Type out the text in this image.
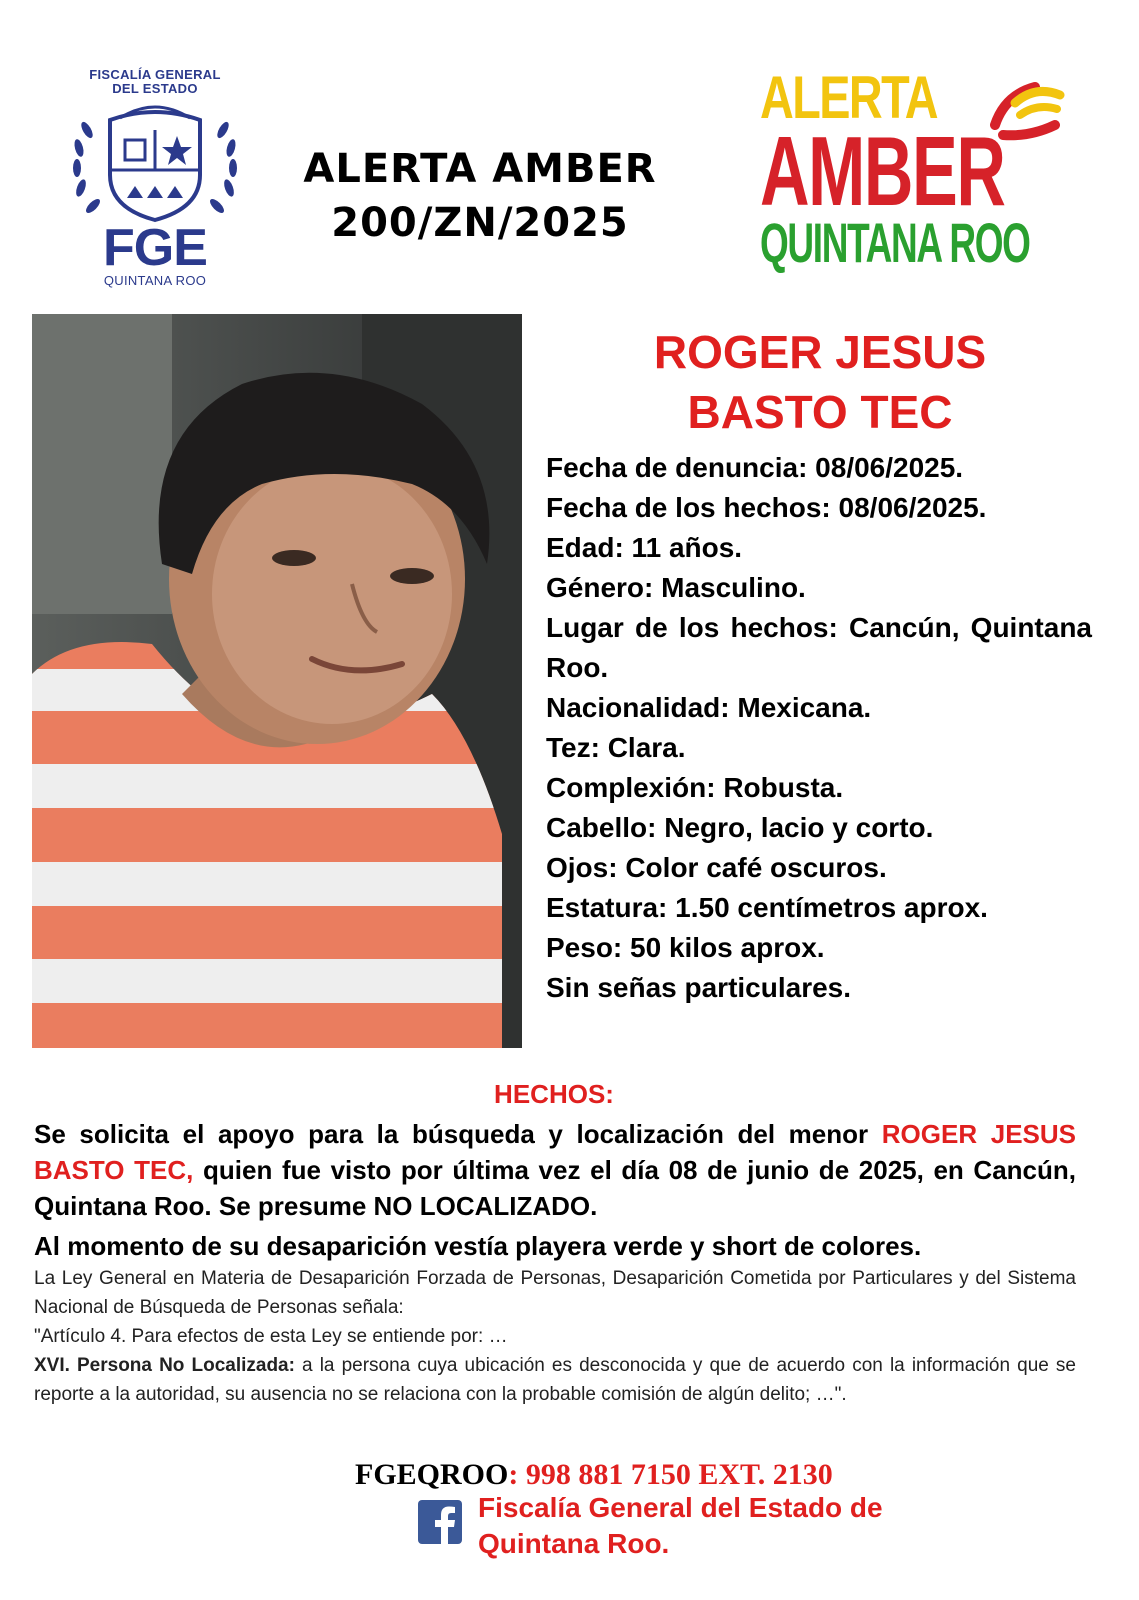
FISCALÍA GENERAL
DEL ESTADO
FGE
QUINTANA ROO
ALERTA AMBER
200/ZN/2025
ALERTA
AMBER
QUINTANA ROO
ROGER JESUS
BASTO TEC
Fecha de denuncia: 08/06/2025.
Fecha de los hechos: 08/06/2025.
Edad: 11 años.
Género: Masculino.
Lugar de los hechos: Cancún, Quintana Roo.
Nacionalidad: Mexicana.
Tez: Clara.
Complexión: Robusta.
Cabello: Negro, lacio y corto.
Ojos: Color café oscuros.
Estatura: 1.50 centímetros aprox.
Peso: 50 kilos aprox.
Sin señas particulares.
HECHOS:
Se solicita el apoyo para la búsqueda y localización del menor ROGER JESUS BASTO TEC, quien fue visto por última vez el día 08 de junio de 2025, en Cancún, Quintana Roo. Se presume NO LOCALIZADO.
Al momento de su desaparición vestía playera verde y short de colores.

La Ley General en Materia de Desaparición Forzada de Personas, Desaparición Cometida por Particulares y del Sistema Nacional de Búsqueda de Personas señala:

"Artículo 4. Para efectos de esta Ley se entiende por: …

XVI. Persona No Localizada: a la persona cuya ubicación es desconocida y que de acuerdo con la información que se reporte a la autoridad, su ausencia no se relaciona con la probable comisión de algún delito; …".

FGEQROO: 998 881 7150 EXT. 2130
Fiscalía General del Estado de
Quintana Roo.
